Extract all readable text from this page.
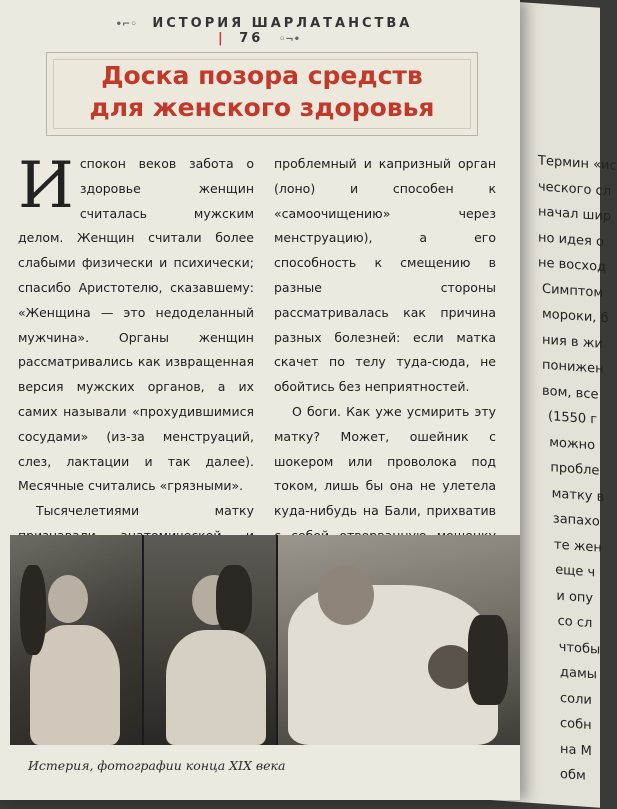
Термин «ис
ческого сл
начал шир
но идея о
не восход
Симптом
мороки, б
ния в жи
понижен
вом, все
(1550 г
можно
пробле
матку в
запахо
те жен
еще ч
и опу
со сл
чтобы
дамы
соли
собн
на М
обм
•⌐◦ ИСТОРИЯ ШАРЛАТАНСТВА | 76 ◦¬•
Доска позора средств
для женского здоровья

Испокон веков забота о здоровье женщин считалась мужским делом. Женщин считали более слабыми физически и психически; спасибо Аристотелю, сказавшему: «Женщина — это недоделанный мужчина». Органы женщин рассматривались как извращенная версия мужских органов, а их самих называли «прохудившимися сосудами» (из-за менструаций, слез, лактации и так далее). Месячные считались «грязными».

Тысячелетиями матку

проблемный и капризный орган (лоно) и способен к «самоочищению» через менструацию), а его способность к смещению в разные стороны рассматривалась как причина разных болезней: если матка скачет по телу туда-сюда, не обойтись без неприятностей.

О боги. Как уже усмирить эту матку? Может, ошейник с шокером или проволока под током, лишь бы она не улетела куда-нибудь на Бали, прихватив

Истерия, фотографии конца XIX века
